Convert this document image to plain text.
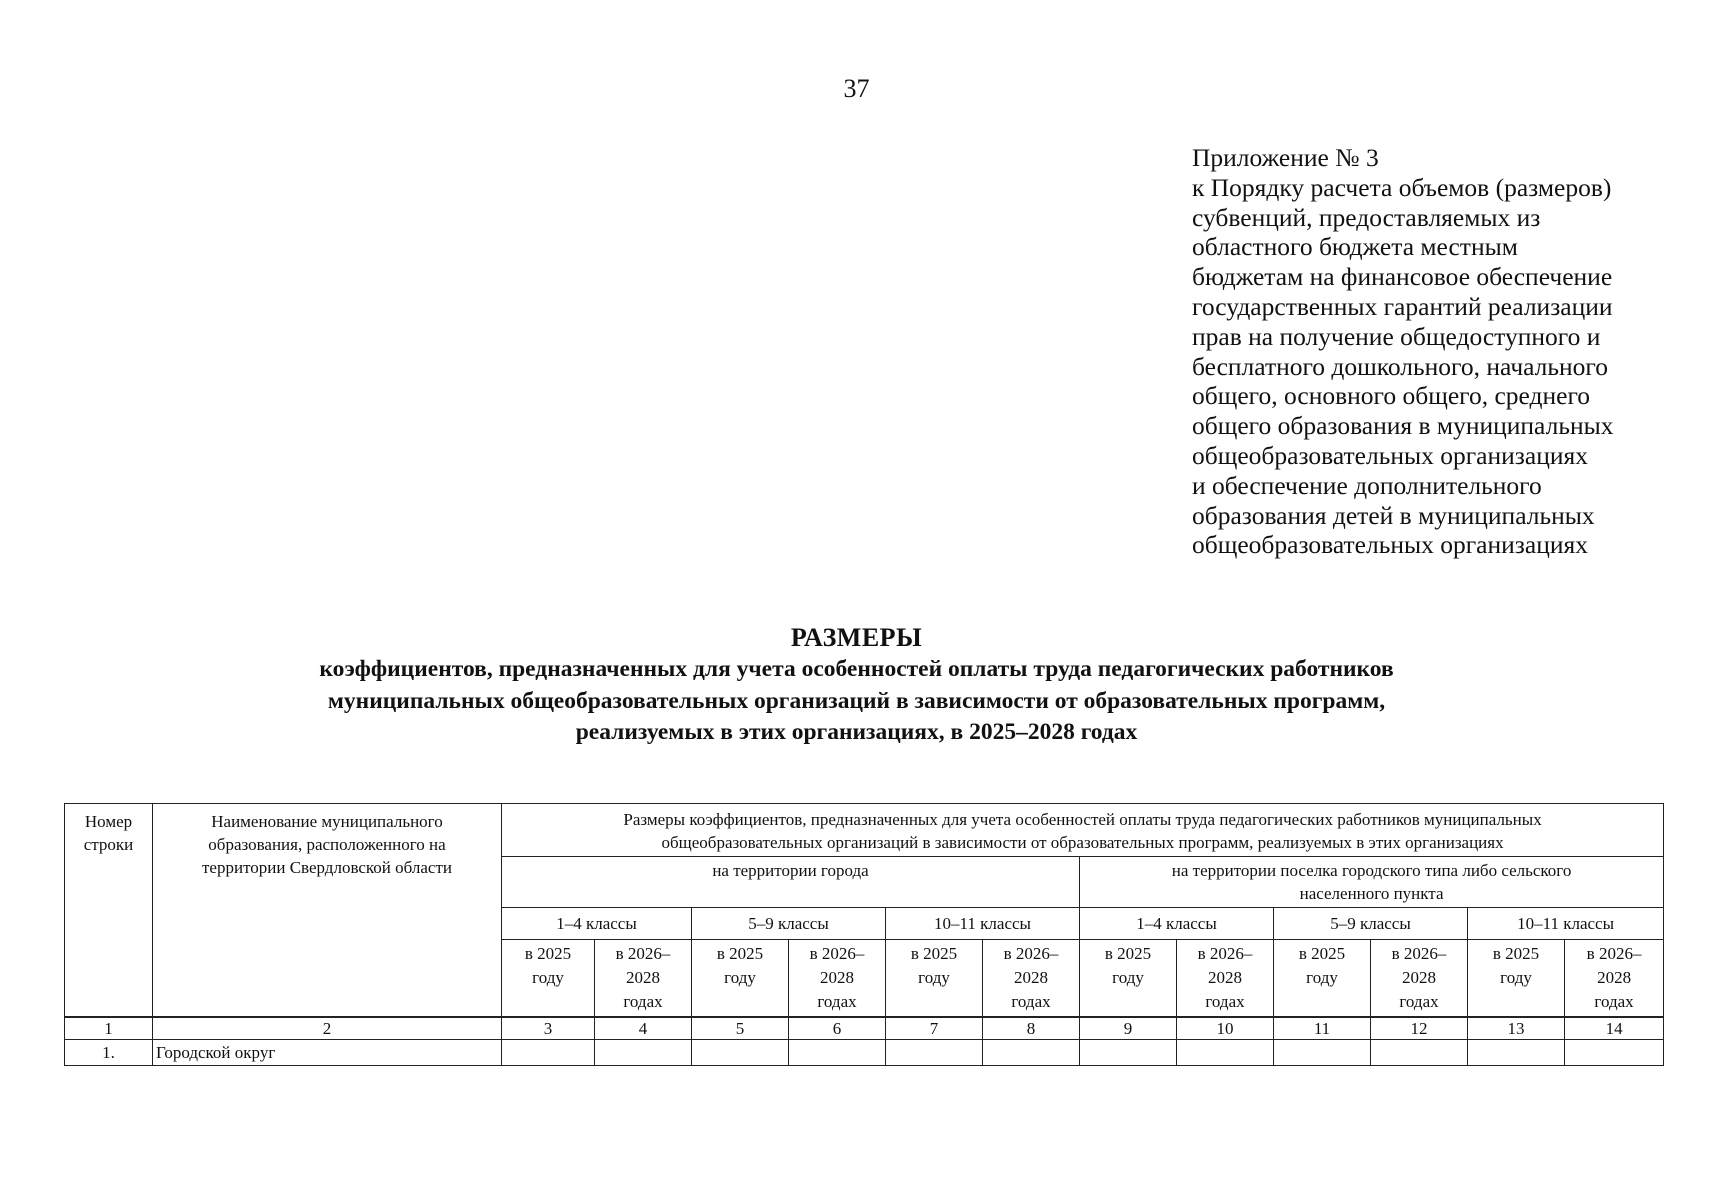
37
Приложение № 3
к Порядку расчета объемов (размеров)
субвенций, предоставляемых из
областного бюджета местным
бюджетам на финансовое обеспечение
государственных гарантий реализации
прав на получение общедоступного и
бесплатного дошкольного, начального
общего, основного общего, среднего
общего образования в муниципальных
общеобразовательных организациях
и обеспечение дополнительного
образования детей в муниципальных
общеобразовательных организациях
РАЗМЕРЫ
коэффициентов, предназначенных для учета особенностей оплаты труда педагогических работников
муниципальных общеобразовательных организаций в зависимости от образовательных программ,
реализуемых в этих организациях, в 2025–2028 годах
Номер строки	Наименование муниципального образования, расположенного на территории Свердловской области	Размеры коэффициентов, предназначенных для учета особенностей оплаты труда педагогических работников муниципальных общеобразовательных организаций в зависимости от образовательных программ, реализуемых в этих организациях											
		на территории города						на территории поселка городского типа либо сельского населенного пункта					
		1–4 классы		5–9 классы		10–11 классы		1–4 классы		5–9 классы		10–11 классы	
		в 2025 году	в 2026–2028 годах	в 2025 году	в 2026–2028 годах	в 2025 году	в 2026–2028 годах	в 2025 году	в 2026–2028 годах	в 2025 году	в 2026–2028 годах	в 2025 году	в 2026–2028 годах
1	2	3	4	5	6	7	8	9	10	11	12	13	14
1.	Городской округ												
